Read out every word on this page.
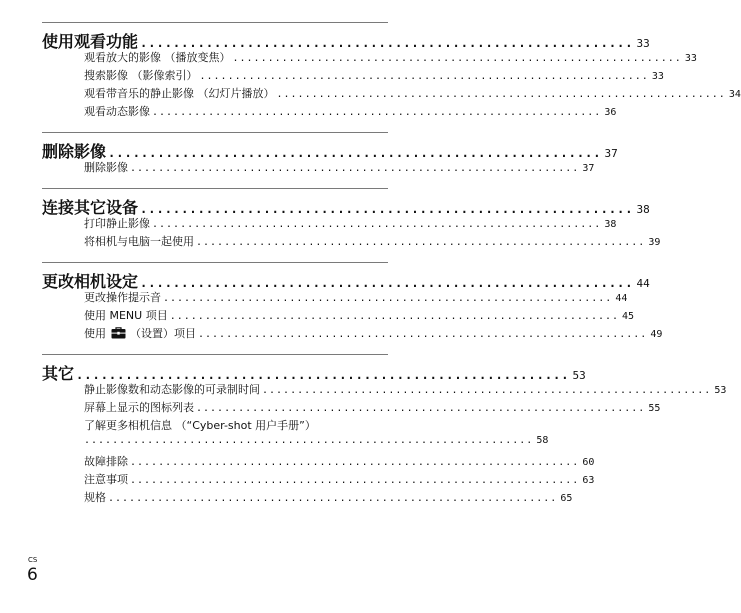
使用观看功能 ............................................................ 33
观看放大的影像 （播放变焦） ................................................................ 33
搜索影像 （影像索引） ................................................................ 33
观看带音乐的静止影像 （幻灯片播放） ................................................................ 34
观看动态影像 ................................................................ 36
删除影像 ............................................................ 37
删除影像 ................................................................ 37
连接其它设备 ............................................................ 38
打印静止影像 ................................................................ 38
将相机与电脑一起使用 ................................................................ 39
更改相机设定 ............................................................ 44
更改操作提示音 ................................................................ 44
使用 MENU 项目 ................................................................ 45
使用 （设置）项目 ................................................................ 49
其它 ............................................................ 53
静止影像数和动态影像的可录制时间 ................................................................ 53
屏幕上显示的图标列表 ................................................................ 55
了解更多相机信息 （“Cyber-shot 用户手册”）
................................................................ 58
故障排除 ................................................................ 60
注意事项 ................................................................ 63
规格 ................................................................ 65
CS
6
